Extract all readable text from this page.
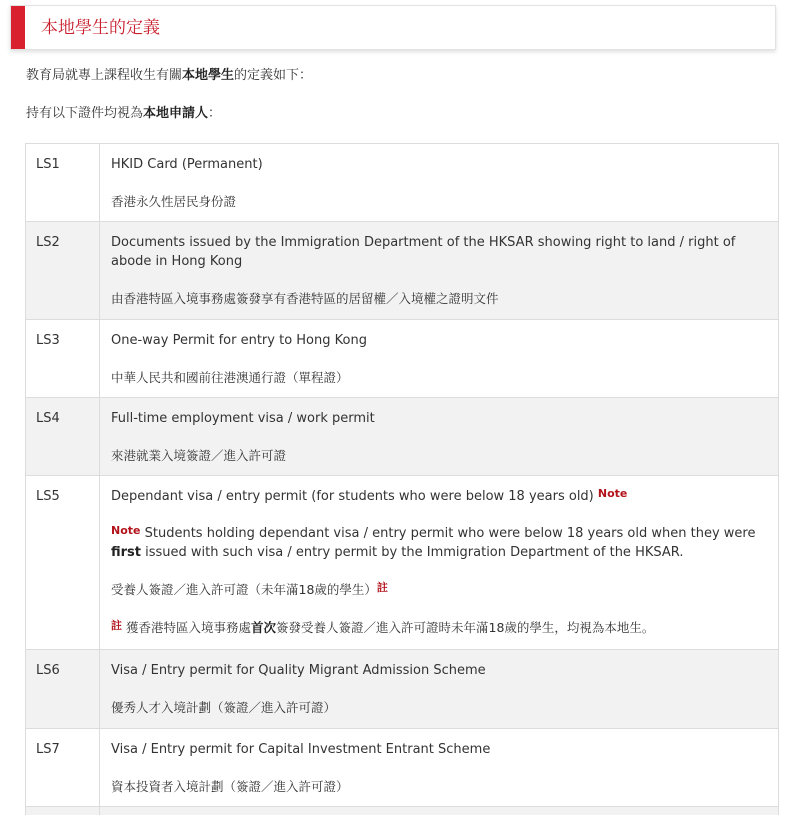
本地學生的定義
教育局就專上課程收生有關本地學生的定義如下：
持有以下證件均視為本地申請人：
LS1	HKID Card (Permanent)

香港永久性居民身份證

LS2	Documents issued by the Immigration Department of the HKSAR showing right to land / right of abode in Hong Kong

由香港特區入境事務處簽發享有香港特區的居留權／入境權之證明文件

LS3	One-way Permit for entry to Hong Kong

中華人民共和國前往港澳通行證（單程證）

LS4	Full-time employment visa / work permit

來港就業入境簽證／進入許可證

LS5	Dependant visa / entry permit (for students who were below 18 years old) $^{Note}$

$^{Note}$ Students holding dependant visa / entry permit who were below 18 years old when they were first issued with such visa / entry permit by the Immigration Department of the HKSAR.

受養人簽證／進入許可證（未年滿18歲的學生）註

註 獲香港特區入境事務處首次簽發受養人簽證／進入許可證時未年滿18歲的學生，均視為本地生。

LS6	Visa / Entry permit for Quality Migrant Admission Scheme

優秀人才入境計劃（簽證／進入許可證）

LS7	Visa / Entry permit for Capital Investment Entrant Scheme

資本投資者入境計劃（簽證／進入許可證）
